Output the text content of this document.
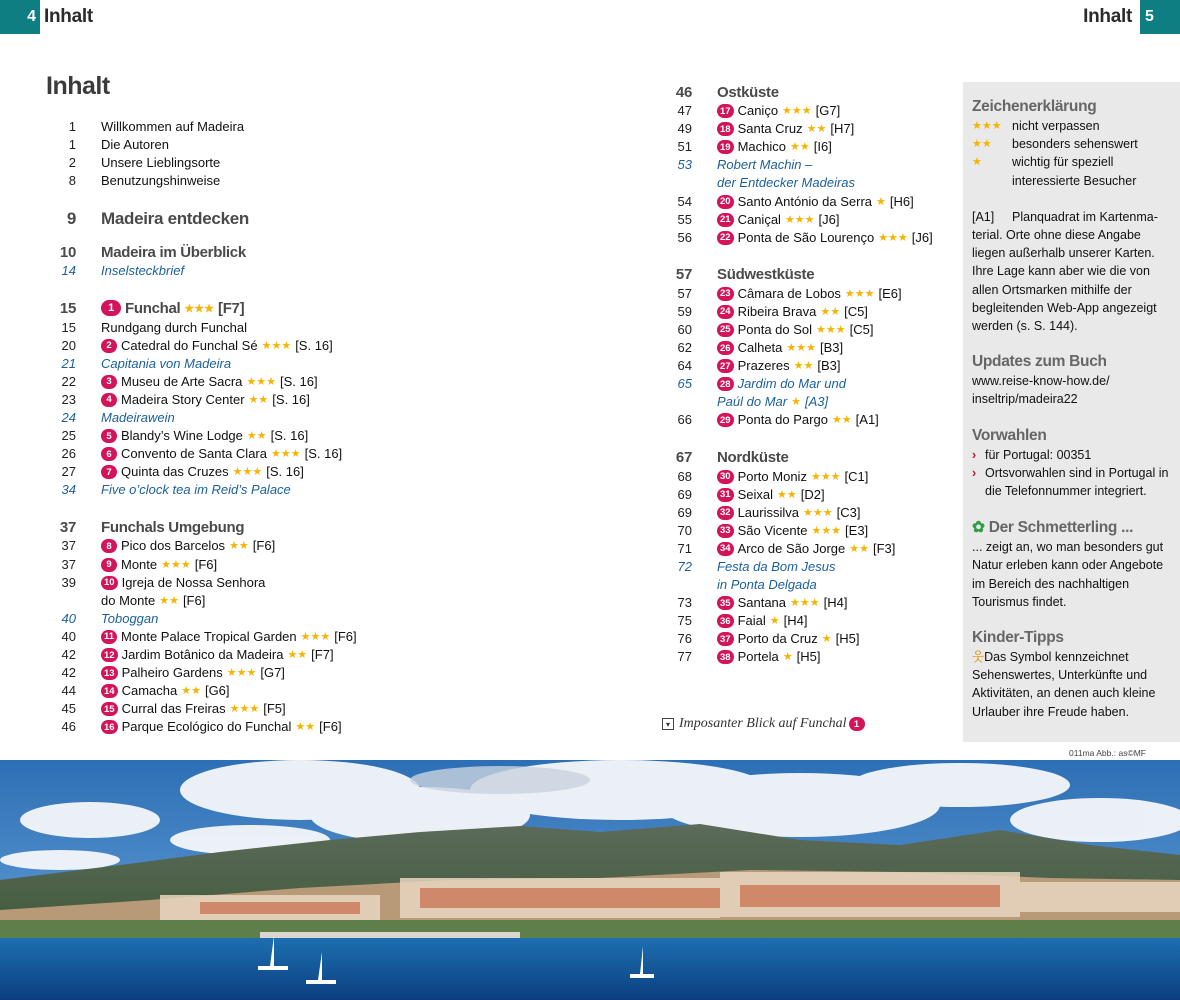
4 Inhalt	Inhalt 5
Inhalt
1 Willkommen auf Madeira
1 Die Autoren
2 Unsere Lieblingsorte
8 Benutzungshinweise
9 Madeira entdecken
10 Madeira im Überblick
14 Inselsteckbrief
15	1 Funchal ★★★ [F7]
15 Rundgang durch Funchal
20	2 Catedral do Funchal Sé ★★★ [S. 16]
21 Capitania von Madeira
22	3 Museu de Arte Sacra ★★★ [S. 16]
23	4 Madeira Story Center ★★ [S. 16]
24 Madeirawein
25	5 Blandy’s Wine Lodge ★★ [S. 16]
26	6 Convento de Santa Clara ★★★ [S. 16]
27	7 Quinta das Cruzes ★★★ [S. 16]
34 Five o’clock tea im Reid’s Palace
37 Funchals Umgebung
37	8 Pico dos Barcelos ★★ [F6]
37	9 Monte ★★★ [F6]
39	10 Igreja de Nossa Senhora
do Monte ★★ [F6]
40 Toboggan
40	11 Monte Palace Tropical Garden ★★★ [F6]
42	12 Jardim Botânico da Madeira ★★ [F7]
42	13 Palheiro Gardens ★★★ [G7]
44	14 Camacha ★★ [G6]
45	15 Curral das Freiras ★★★ [F5]
46	16 Parque Ecológico do Funchal ★★ [F6]
46 Ostküste
47	17 Caniço ★★★ [G7]
49	18 Santa Cruz ★★ [H7]
51	19 Machico ★★ [I6]
53 Robert Machin –
der Entdecker Madeiras
54	20 Santo António da Serra ★ [H6]
55	21 Caniçal ★★★ [J6]
56	22 Ponta de São Lourenço ★★★ [J6]
57 Südwestküste
57	23 Câmara de Lobos ★★★ [E6]
59	24 Ribeira Brava ★★ [C5]
60	25 Ponta do Sol ★★★ [C5]
62	26 Calheta ★★★ [B3]
64	27 Prazeres ★★ [B3]
65	28 Jardim do Mar und
Paúl do Mar ★ [A3]
66	29 Ponta do Pargo ★★ [A1]
67 Nordküste
68	30 Porto Moniz ★★★ [C1]
69	31 Seixal ★★ [D2]
69	32 Laurissilva ★★★ [C3]
70	33 São Vicente ★★★ [E3]
71	34 Arco de São Jorge ★★ [F3]
72 Festa da Bom Jesus
in Ponta Delgada
73	35 Santana ★★★ [H4]
75	36 Faial ★ [H4]
76	37 Porto da Cruz ★ [H5]
77	38 Portela ★ [H5]
Zeichenerklärung
★★★ nicht verpassen
★★	besonders sehenswert
★	wichtig für speziell
interessierte Besucher
[A1]	Planquadrat im Kartenma-
terial. Orte ohne diese Angabe liegen außerhalb unserer Karten. Ihre Lage kann aber wie die von allen Ortsmarken mithilfe der begleitenden Web-App angezeigt werden (s. S. 144).
Updates zum Buch
www.reise-know-how.de/
inseltrip/madeira22
Vorwahlen
› für Portugal: 00351
› Ortsvorwahlen sind in Portugal in die Telefonnummer integriert.
✿ Der Schmetterling ...
... zeigt an, wo man besonders gut Natur erleben kann oder Angebote im Bereich des nachhaltigen Tourismus findet.
Kinder-Tipps
웃Das Symbol kennzeichnet Sehenswertes, Unterkünfte und Aktivitäten, an denen auch kleine Urlauber ihre Freude haben.
▾ Imposanter Blick auf Funchal 1
011ma Abb.: as©MF
